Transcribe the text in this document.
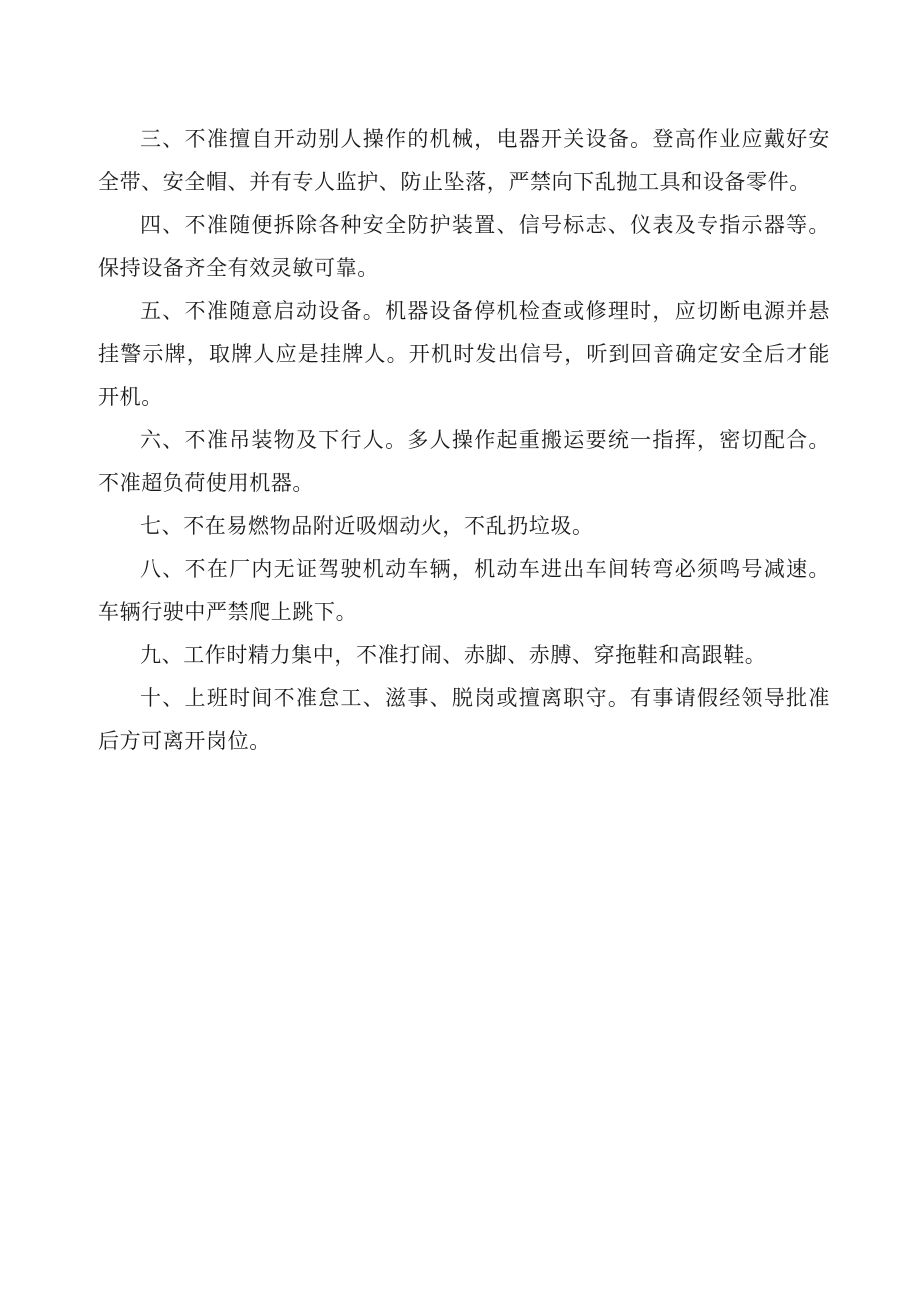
三、不准擅自开动别人操作的机械，电器开关设备。登高作业应戴好安全带、安全帽、并有专人监护、防止坠落，严禁向下乱抛工具和设备零件。

四、不准随便拆除各种安全防护装置、信号标志、仪表及专指示器等。保持设备齐全有效灵敏可靠。

五、不准随意启动设备。机器设备停机检查或修理时，应切断电源并悬挂警示牌，取牌人应是挂牌人。开机时发出信号，听到回音确定安全后才能开机。

六、不准吊装物及下行人。多人操作起重搬运要统一指挥，密切配合。不准超负荷使用机器。

七、不在易燃物品附近吸烟动火，不乱扔垃圾。

八、不在厂内无证驾驶机动车辆，机动车进出车间转弯必须鸣号减速。车辆行驶中严禁爬上跳下。

九、工作时精力集中，不准打闹、赤脚、赤膊、穿拖鞋和高跟鞋。

十、上班时间不准怠工、滋事、脱岗或擅离职守。有事请假经领导批准后方可离开岗位。
